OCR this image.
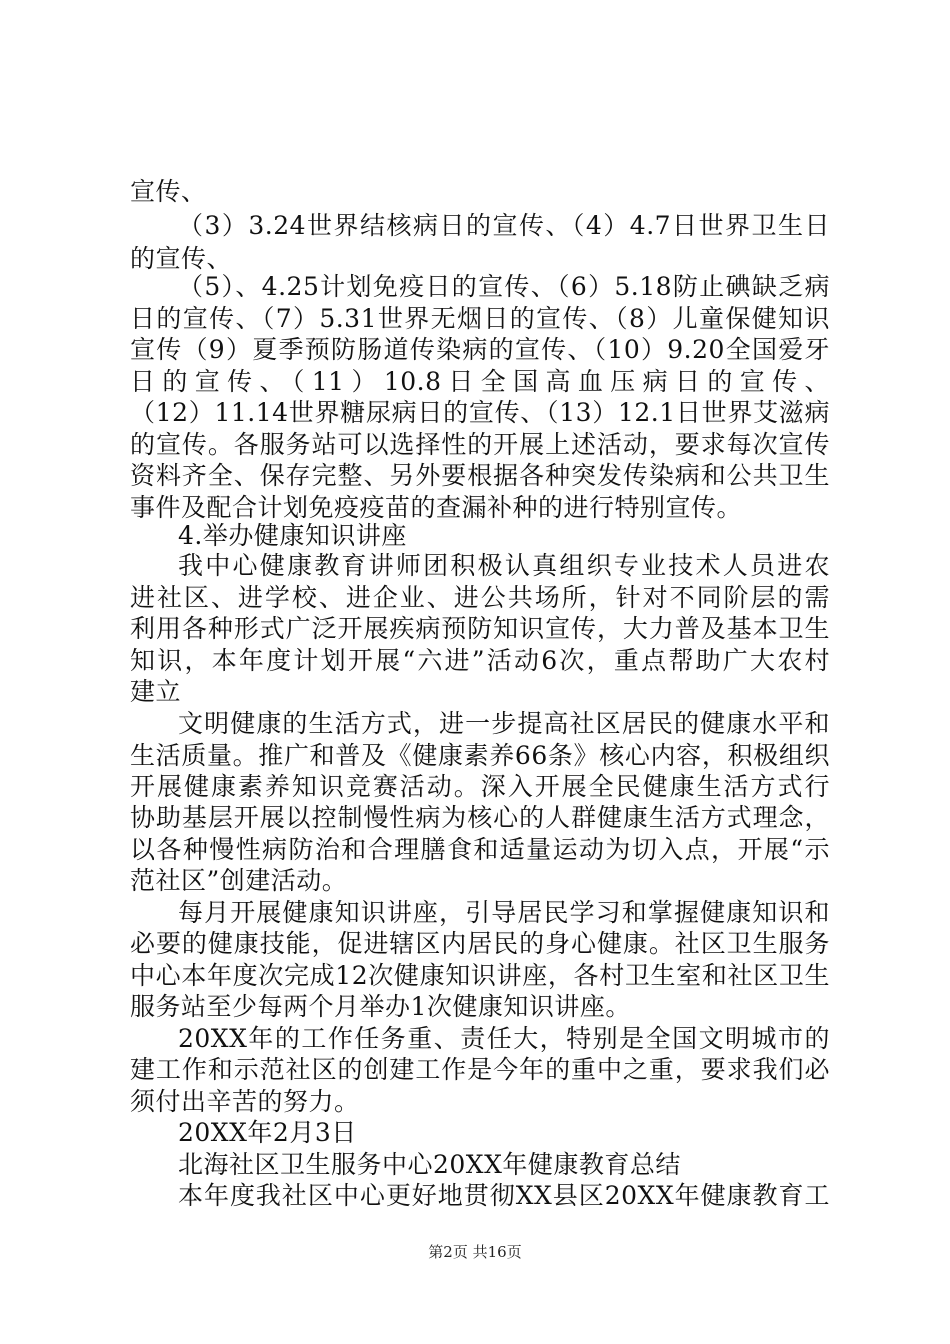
宣传、
（3）3.24世界结核病日的宣传、（4）4.7日世界卫生日
的宣传、
（5）、4.25计划免疫日的宣传、（6）5.18防止碘缺乏病
日的宣传、（7）5.31世界无烟日的宣传、（8）儿童保健知识
宣传（9）夏季预防肠道传染病的宣传、（10）9.20全国爱牙
日的宣传、（11）10.8日全国高血压病日的宣传、
（12）11.14世界糖尿病日的宣传、（13）12.1日世界艾滋病
的宣传。各服务站可以选择性的开展上述活动，要求每次宣传
资料齐全、保存完整、另外要根据各种突发传染病和公共卫生
事件及配合计划免疫疫苗的查漏补种的进行特别宣传。
4.举办健康知识讲座
我中心健康教育讲师团积极认真组织专业技术人员进农
进社区、进学校、进企业、进公共场所，针对不同阶层的需
利用各种形式广泛开展疾病预防知识宣传，大力普及基本卫生
知识，本年度计划开展“六进”活动6次，重点帮助广大农村
建立
文明健康的生活方式，进一步提高社区居民的健康水平和
生活质量。推广和普及《健康素养66条》核心内容，积极组织
开展健康素养知识竞赛活动。深入开展全民健康生活方式行
协助基层开展以控制慢性病为核心的人群健康生活方式理念，
以各种慢性病防治和合理膳食和适量运动为切入点，开展“示
范社区”创建活动。
每月开展健康知识讲座，引导居民学习和掌握健康知识和
必要的健康技能，促进辖区内居民的身心健康。社区卫生服务
中心本年度次完成12次健康知识讲座，各村卫生室和社区卫生
服务站至少每两个月举办1次健康知识讲座。
20XX年的工作任务重、责任大，特别是全国文明城市的
建工作和示范社区的创建工作是今年的重中之重，要求我们必
须付出辛苦的努力。
20XX年2月3日
北海社区卫生服务中心20XX年健康教育总结
本年度我社区中心更好地贯彻XX县区20XX年健康教育工
第2页 共16页
